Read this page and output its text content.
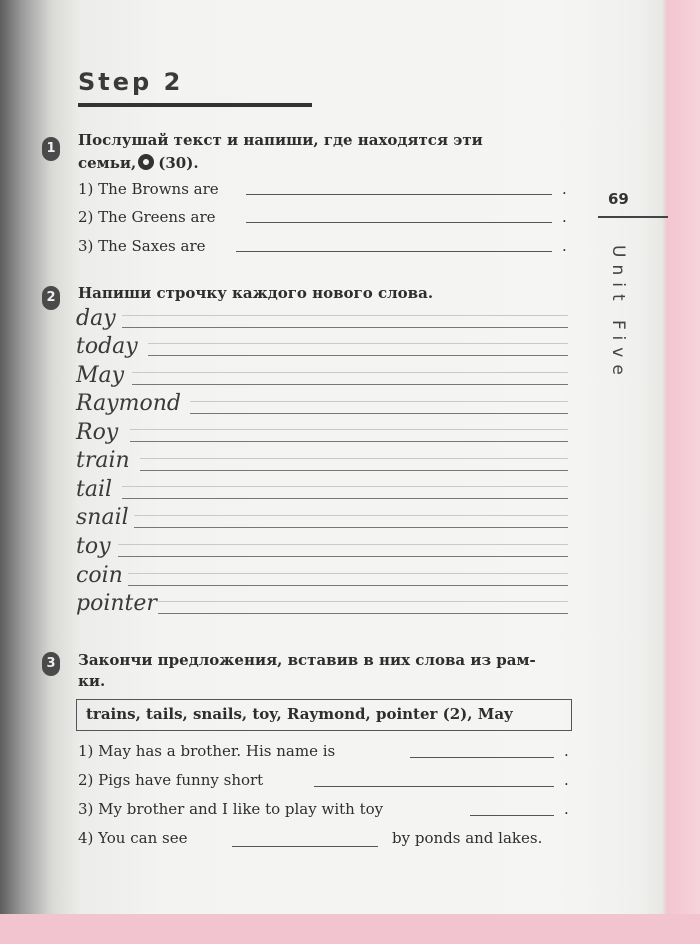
Step 2
69
Unit Five
1 Послушай текст и напиши, где находятся эти
семьи, (30).
1) The Browns are	.
2) The Greens are	.
3) The Saxes are	.
2 Напиши строчку каждого нового слова.
day
today
May
Raymond
Roy
train
tail
snail
toy
coin
pointer
3 Закончи предложения, вставив в них слова из рам-
ки.
trains, tails, snails, toy, Raymond, pointer (2), May
1) May has a brother. His name is	.
2) Pigs have funny short	.
3) My brother and I like to play with toy	.
4) You can see	by ponds and lakes.
